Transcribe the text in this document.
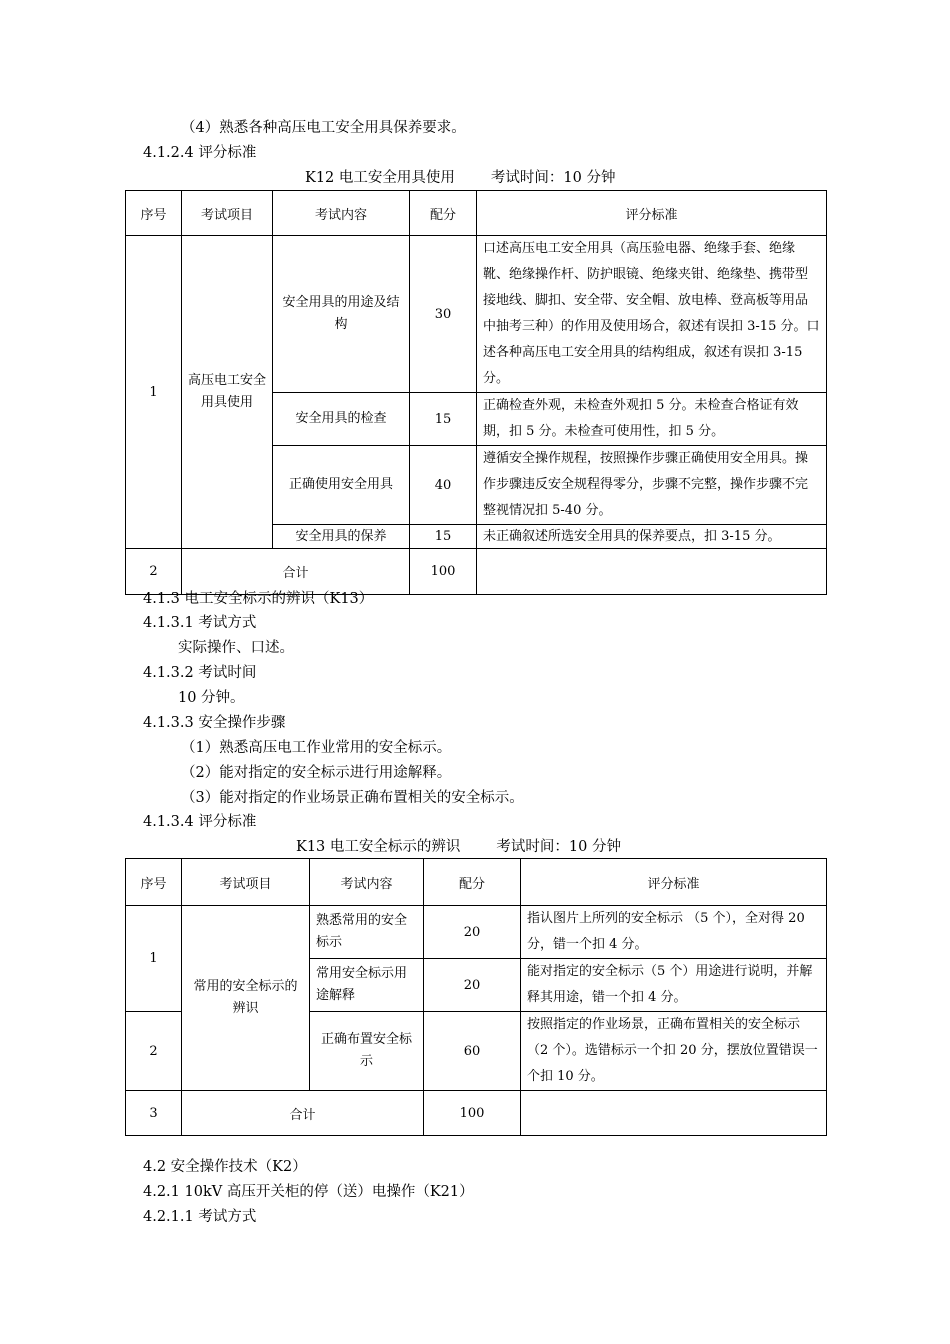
（4）熟悉各种高压电工安全用具保养要求。
4.1.2.4 评分标准
K12 电工安全用具使用 考试时间：10 分钟
序号	考试项目	考试内容	配分	评分标准
1	高压电工安全用具使用	安全用具的用途及结构	30	口述高压电工安全用具（高压验电器、绝缘手套、绝缘靴、绝缘操作杆、防护眼镜、绝缘夹钳、绝缘垫、携带型接地线、脚扣、安全带、安全帽、放电棒、登高板等用品中抽考三种）的作用及使用场合，叙述有误扣 3-15 分。口述各种高压电工安全用具的结构组成，叙述有误扣 3-15 分。
		安全用具的检查	15	正确检查外观，未检查外观扣 5 分。未检查合格证有效期，扣 5 分。未检查可使用性，扣 5 分。
		正确使用安全用具	40	遵循安全操作规程，按照操作步骤正确使用安全用具。操作步骤违反安全规程得零分，步骤不完整，操作步骤不完整视情况扣 5-40 分。
		安全用具的保养	15	未正确叙述所选安全用具的保养要点，扣 3-15 分。
2	合计		100	
4.1.3 电工安全标示的辨识（K13）
4.1.3.1 考试方式
实际操作、口述。
4.1.3.2 考试时间
10 分钟。
4.1.3.3 安全操作步骤
（1）熟悉高压电工作业常用的安全标示。
（2）能对指定的安全标示进行用途解释。
（3）能对指定的作业场景正确布置相关的安全标示。
4.1.3.4 评分标准
K13 电工安全标示的辨识 考试时间：10 分钟
序号	考试项目	考试内容	配分	评分标准
1	常用的安全标示的辨识	熟悉常用的安全标示	20	指认图片上所列的安全标示 （5 个），全对得 20 分，错一个扣 4 分。
		常用安全标示用途解释	20	能对指定的安全标示（5 个）用途进行说明，并解释其用途，错一个扣 4 分。
2		正确布置安全标示	60	按照指定的作业场景，正确布置相关的安全标示（2 个）。选错标示一个扣 20 分，摆放位置错误一个扣 10 分。
3	合计		100	
4.2 安全操作技术（K2）
4.2.1 10kV 高压开关柜的停（送）电操作（K21）
4.2.1.1 考试方式
